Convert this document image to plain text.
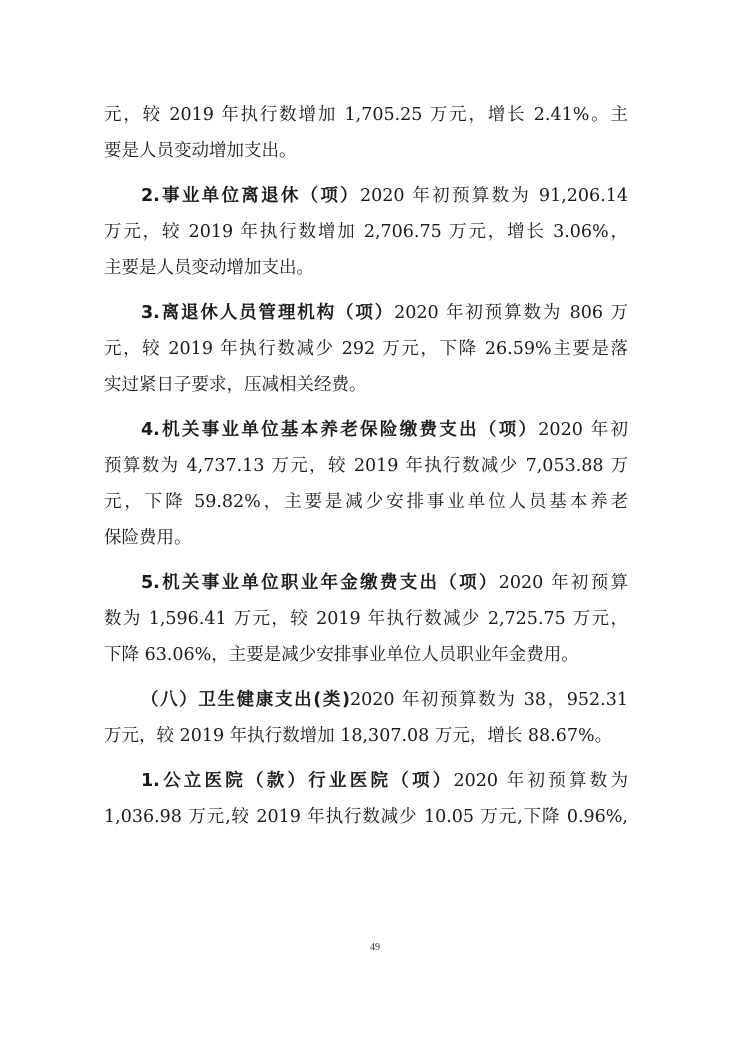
元，较 2019 年执行数增加 1,705.25 万元，增长 2.41%。主
要是人员变动增加支出。
2.事业单位离退休（项）2020 年初预算数为 91,206.14
万元，较 2019 年执行数增加 2,706.75 万元，增长 3.06%，
主要是人员变动增加支出。
3.离退休人员管理机构（项）2020 年初预算数为 806 万
元，较 2019 年执行数减少 292 万元，下降 26.59%主要是落
实过紧日子要求，压减相关经费。
4.机关事业单位基本养老保险缴费支出（项）2020 年初
预算数为 4,737.13 万元，较 2019 年执行数减少 7,053.88 万
元，下降 59.82%，主要是减少安排事业单位人员基本养老
保险费用。
5.机关事业单位职业年金缴费支出（项）2020 年初预算
数为 1,596.41 万元，较 2019 年执行数减少 2,725.75 万元，
下降 63.06%，主要是减少安排事业单位人员职业年金费用。
（八）卫生健康支出(类)2020 年初预算数为 38，952.31
万元，较 2019 年执行数增加 18,307.08 万元，增长 88.67%。
1.公立医院（款）行业医院（项）2020 年初预算数为
1,036.98 万元,较 2019 年执行数减少 10.05 万元,下降 0.96%,
49
